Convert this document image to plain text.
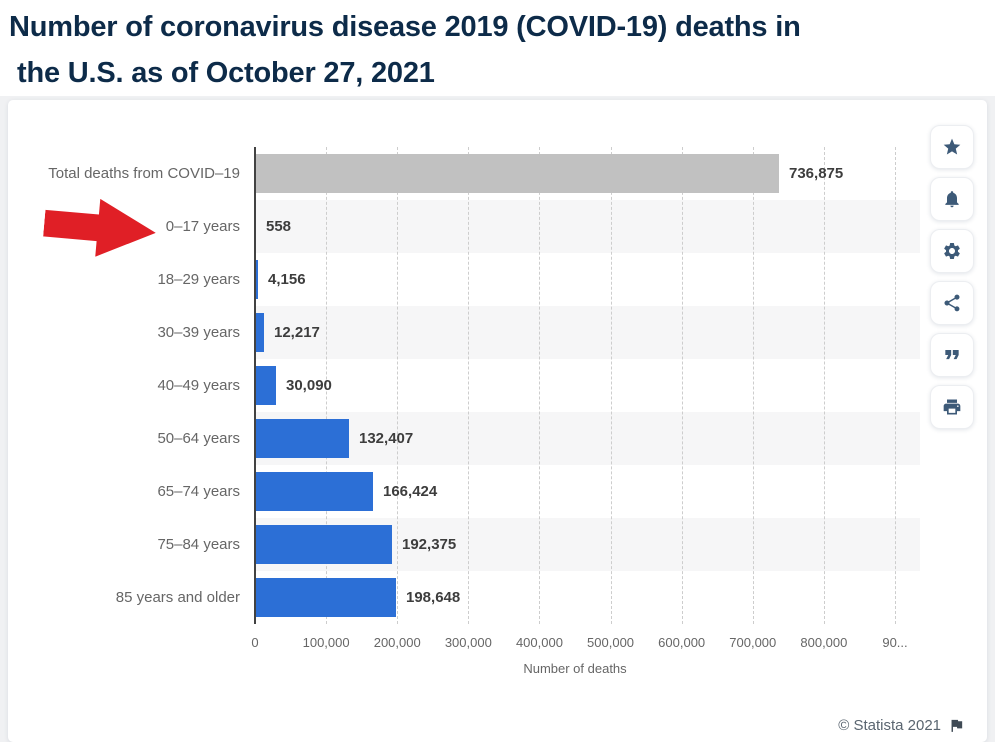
Number of coronavirus disease 2019 (COVID-19) deaths in
the U.S. as of October 27, 2021
Total deaths from COVID–19	736,875
0–17 years	558
18–29 years	4,156
30–39 years	12,217
40–49 years	30,090
50–64 years	132,407
65–74 years	166,424
75–84 years	192,375
85 years and older	198,648
0	100,000 200,000 300,000 400,000 500,000 600,000 700,000 800,000	90...
Number of deaths
© Statista 2021
